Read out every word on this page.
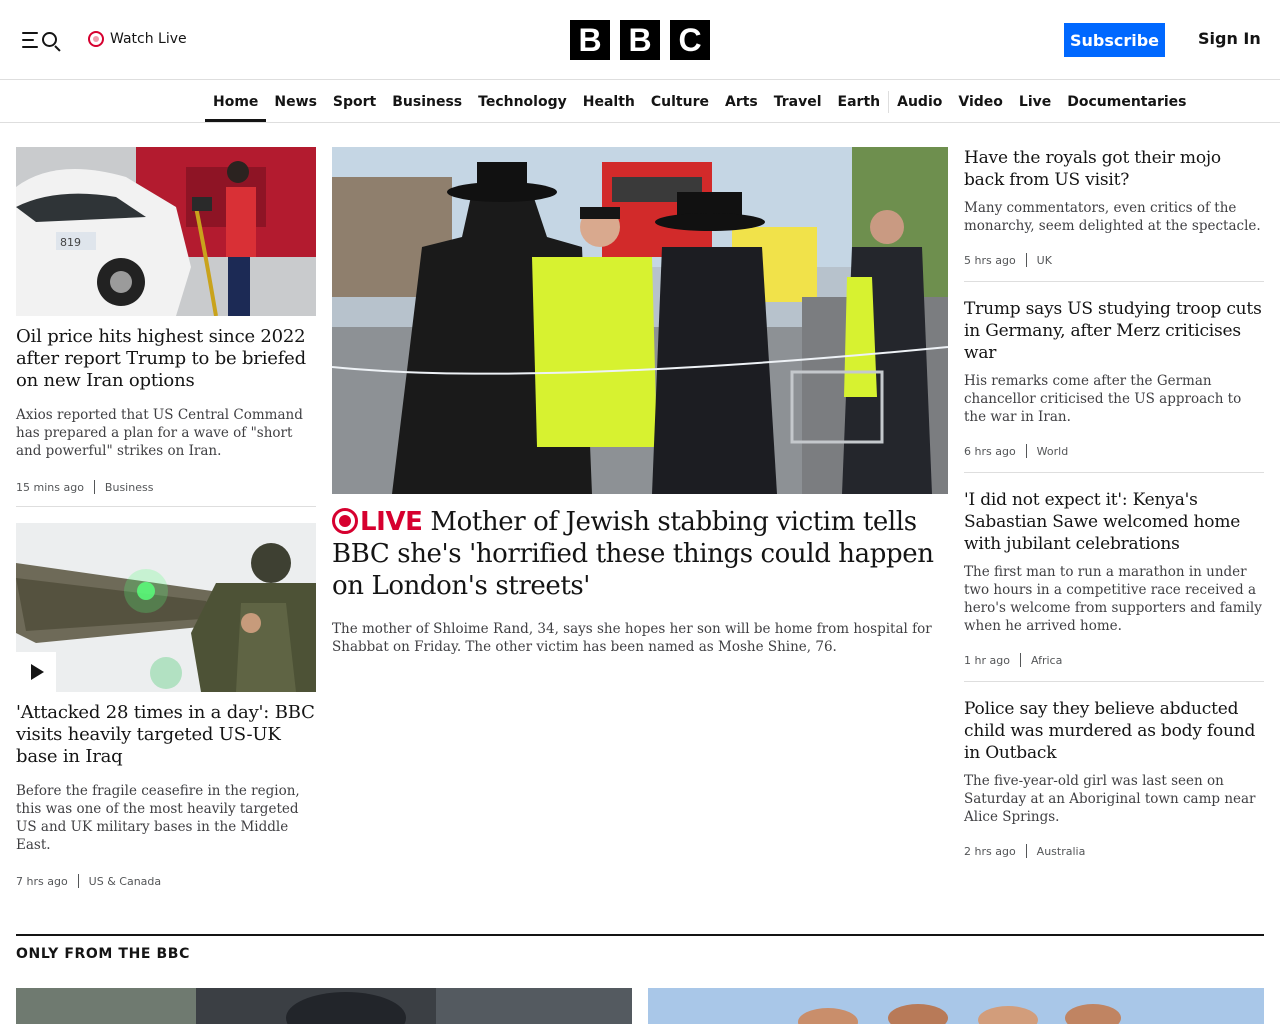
Watch Live	B B C	Subscribe	Sign In
Home	News	Sport	Business	Technology	Health	Culture	Arts	Travel	Earth	Audio	Video	Live	Documentaries
819
Oil price hits highest since 2022 after report Trump to be briefed on new Iran options

Axios reported that US Central Command has prepared a plan for a wave of "short and powerful" strikes on Iran.

15 mins ago Business
'Attacked 28 times in a day': BBC visits heavily targeted US-UK base in Iraq

Before the fragile ceasefire in the region, this was one of the most heavily targeted US and UK military bases in the Middle East.

7 hrs ago US & Canada
LIVE Mother of Jewish stabbing victim tells BBC she's 'horrified these things could happen on London's streets'

The mother of Shloime Rand, 34, says she hopes her son will be home from hospital for Shabbat on Friday. The other victim has been named as Moshe Shine, 76.

Have the royals got their mojo back from US visit?

Many commentators, even critics of the monarchy, seem delighted at the spectacle.

5 hrs ago UK
Trump says US studying troop cuts in Germany, after Merz criticises war

His remarks come after the German chancellor criticised the US approach to the war in Iran.

6 hrs ago World
'I did not expect it': Kenya's Sabastian Sawe welcomed home with jubilant celebrations

The first man to run a marathon in under two hours in a competitive race received a hero's welcome from supporters and family when he arrived home.

1 hr ago Africa
Police say they believe abducted child was murdered as body found in Outback

The five-year-old girl was last seen on Saturday at an Aboriginal town camp near Alice Springs.

2 hrs ago Australia
ONLY FROM THE BBC
